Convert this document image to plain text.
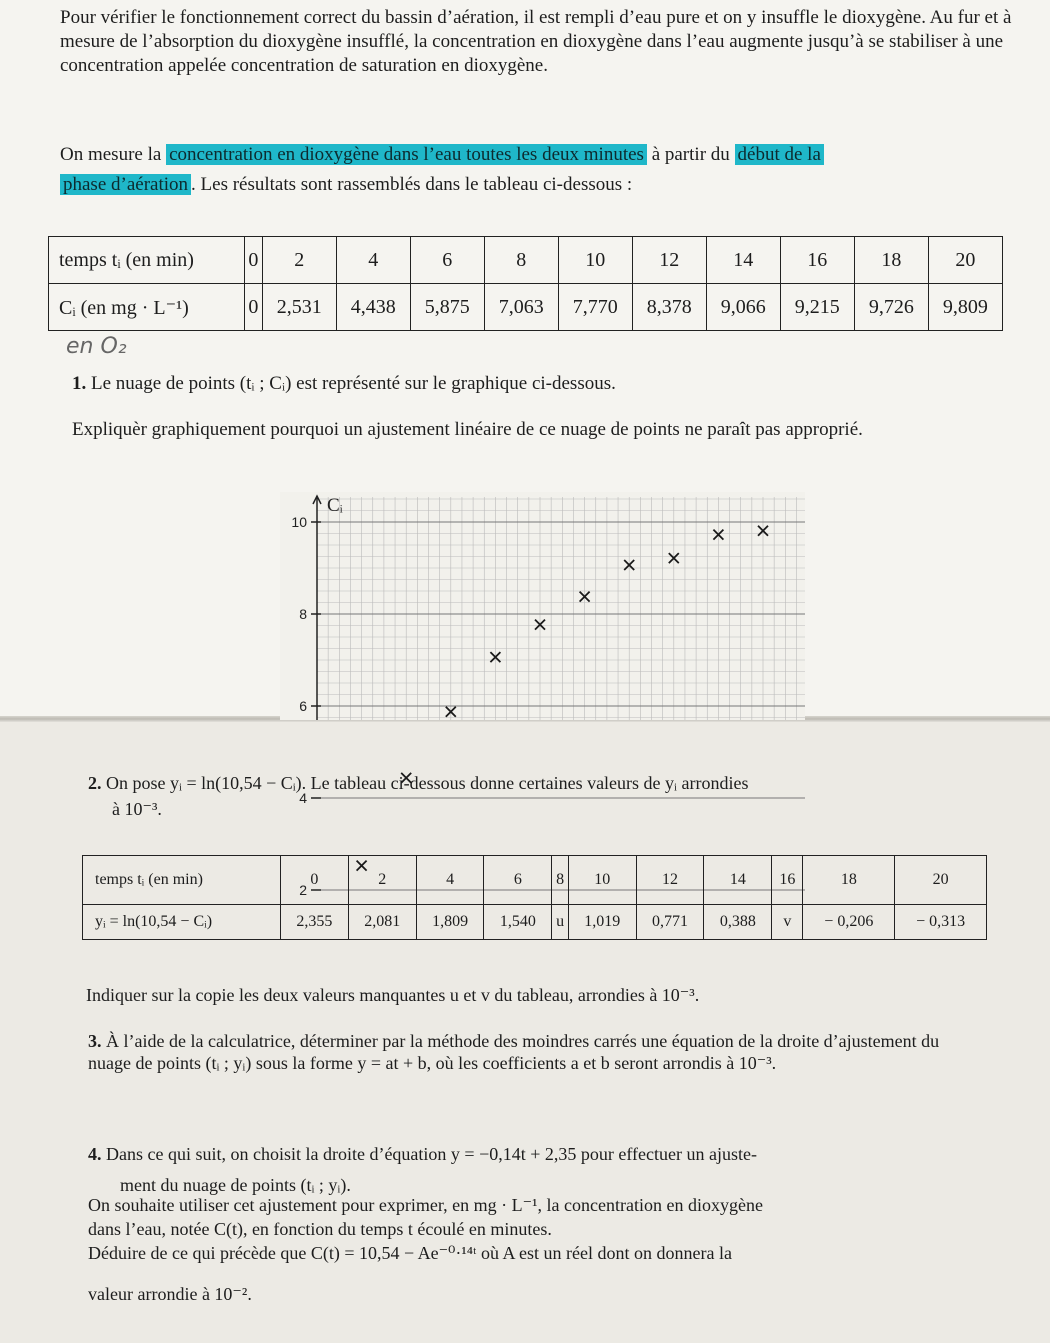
Pour vérifier le fonctionnement correct du bassin d’aération, il est rempli d’eau pure et on y insuffle le dioxygène. Au fur et à mesure de l’absorption du dioxygène insufflé, la concentration en dioxygène dans l’eau augmente jusqu’à se stabiliser à une concentration appelée concentration de saturation en dioxygène.

On mesure la concentration en dioxygène dans l’eau toutes les deux minutes à partir du début de la
phase d’aération . Les résultats sont rassemblés dans le tableau ci-dessous :

temps tᵢ (en min)	0	2	4	6	8	10	12	14	16	18	20
Cᵢ (en mg · L⁻¹)	0	2,531	4,438	5,875	7,063	7,770	8,378	9,066	9,215	9,726	9,809
en O₂

1. Le nuage de points (tᵢ ; Cᵢ) est représenté sur le graphique ci-dessous.

Expliquèr graphiquement pourquoi un ajustement linéaire de ce nuage de points ne paraît pas approprié.

Cᵢ
10
8
6
4
2

2. On pose yᵢ = ln(10,54 − Cᵢ). Le tableau ci-dessous donne certaines valeurs de yᵢ arrondies

à 10⁻³.

temps tᵢ (en min)	0	2	4	6	8	10	12	14	16	18	20
yᵢ = ln(10,54 − Cᵢ)	2,355	2,081	1,809	1,540	u	1,019	0,771	0,388	v	− 0,206	− 0,313

Indiquer sur la copie les deux valeurs manquantes u et v du tableau, arrondies à 10⁻³.

3. À l’aide de la calculatrice, déterminer par la méthode des moindres carrés une équation de la droite d’ajustement du nuage de points (tᵢ ; yᵢ) sous la forme y = at + b, où les coefficients a et b seront arrondis à 10⁻³.

4. Dans ce qui suit, on choisit la droite d’équation y = −0,14t + 2,35 pour effectuer un ajuste-

ment du nuage de points (tᵢ ; yᵢ).

On souhaite utiliser cet ajustement pour exprimer, en mg · L⁻¹, la concentration en dioxygène

dans l’eau, notée C(t), en fonction du temps t écoulé en minutes.

Déduire de ce qui précède que C(t) = 10,54 − Ae⁻⁰·¹⁴ᵗ où A est un réel dont on donnera la

valeur arrondie à 10⁻².
